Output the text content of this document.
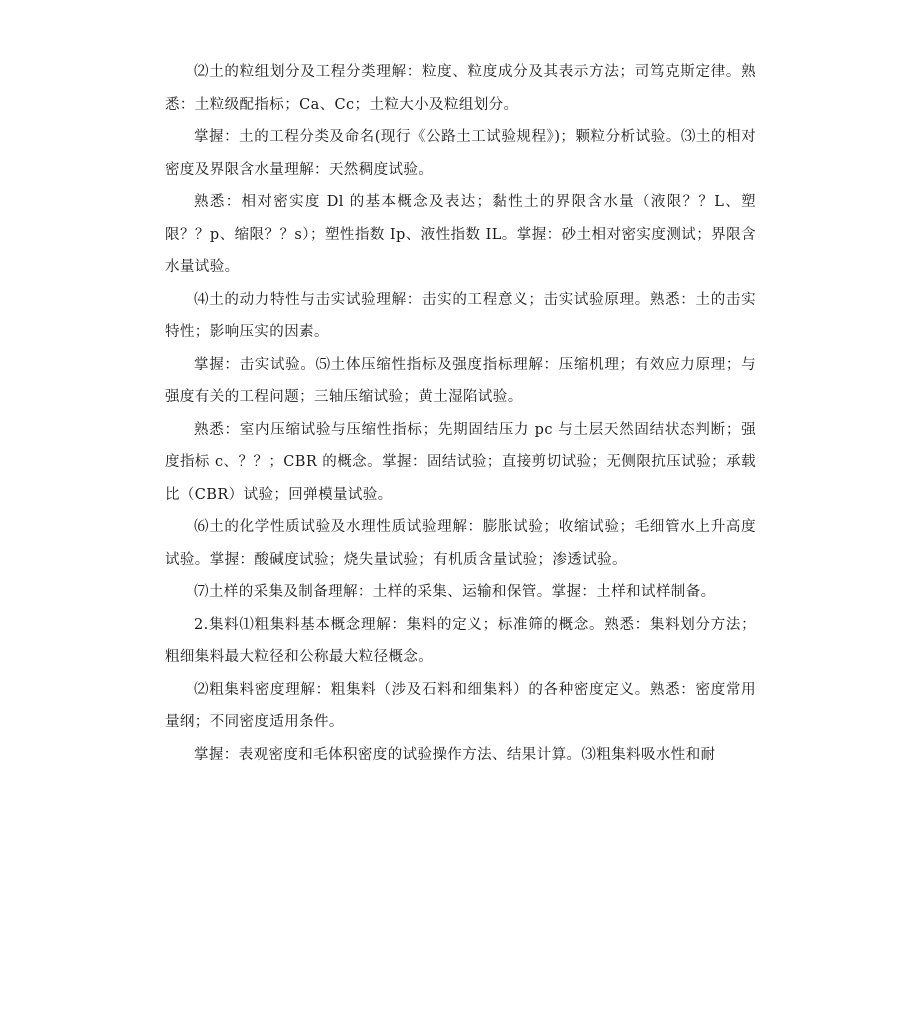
⑵土的粒组划分及工程分类理解：粒度、粒度成分及其表示方法；司笃克斯定律。熟悉：土粒级配指标；Ca、Cc；土粒大小及粒组划分。

掌握：土的工程分类及命名(现行《公路土工试验规程》)；颗粒分析试验。⑶土的相对密度及界限含水量理解：天然稠度试验。

熟悉：相对密实度 Dl 的基本概念及表达；黏性土的界限含水量（液限？？L、塑限？？p、缩限？？s）；塑性指数 Ip、液性指数 IL。掌握：砂土相对密实度测试；界限含水量试验。

⑷土的动力特性与击实试验理解：击实的工程意义；击实试验原理。熟悉：土的击实特性；影响压实的因素。

掌握：击实试验。⑸土体压缩性指标及强度指标理解：压缩机理；有效应力原理；与强度有关的工程问题；三轴压缩试验；黄土湿陷试验。

熟悉：室内压缩试验与压缩性指标；先期固结压力 pc 与土层天然固结状态判断；强度指标 c、？？；CBR 的概念。掌握：固结试验；直接剪切试验；无侧限抗压试验；承载比（CBR）试验；回弹模量试验。

⑹土的化学性质试验及水理性质试验理解：膨胀试验；收缩试验；毛细管水上升高度试验。掌握：酸碱度试验；烧失量试验；有机质含量试验；渗透试验。

⑺土样的采集及制备理解：土样的采集、运输和保管。掌握：土样和试样制备。

2.集料⑴粗集料基本概念理解：集料的定义；标准筛的概念。熟悉：集料划分方法；粗细集料最大粒径和公称最大粒径概念。

⑵粗集料密度理解：粗集料（涉及石料和细集料）的各种密度定义。熟悉：密度常用量纲；不同密度适用条件。

掌握：表观密度和毛体积密度的试验操作方法、结果计算。⑶粗集料吸水性和耐
